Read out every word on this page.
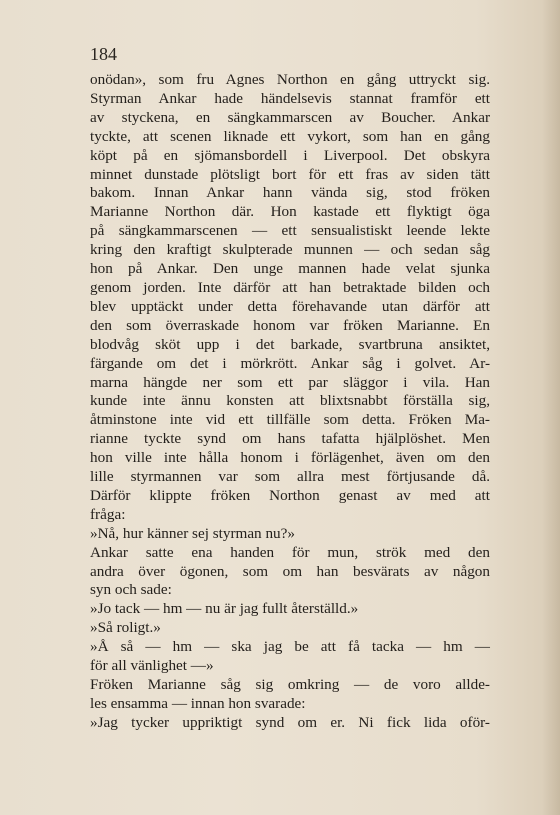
184

onödan», som fru Agnes Northon en gång uttryckt sig.
Styrman Ankar hade händelsevis stannat framför ett
av styckena, en sängkammarscen av Boucher. Ankar
tyckte, att scenen liknade ett vykort, som han en gång
köpt på en sjömansbordell i Liverpool. Det obskyra
minnet dunstade plötsligt bort för ett fras av siden tätt
bakom. Innan Ankar hann vända sig, stod fröken
Marianne Northon där. Hon kastade ett flyktigt öga
på sängkammarscenen — ett sensualistiskt leende lekte
kring den kraftigt skulpterade munnen — och sedan såg
hon på Ankar. Den unge mannen hade velat sjunka
genom jorden. Inte därför att han betraktade bilden och
blev upptäckt under detta förehavande utan därför att
den som överraskade honom var fröken Marianne. En
blodvåg sköt upp i det barkade, svartbruna ansiktet,
färgande om det i mörkrött. Ankar såg i golvet. Ar-
marna hängde ner som ett par släggor i vila. Han
kunde inte ännu konsten att blixtsnabbt förställa sig,
åtminstone inte vid ett tillfälle som detta. Fröken Ma-
rianne tyckte synd om hans tafatta hjälplöshet. Men
hon ville inte hålla honom i förlägenhet, även om den
lille styrmannen var som allra mest förtjusande då.
Därför klippte fröken Northon genast av med att
fråga:
»Nå, hur känner sej styrman nu?»
Ankar satte ena handen för mun, strök med den
andra över ögonen, som om han besvärats av någon
syn och sade:
»Jo tack — hm — nu är jag fullt återställd.»
»Så roligt.»
»Å så — hm — ska jag be att få tacka — hm —
för all vänlighet —»
Fröken Marianne såg sig omkring — de voro allde-
les ensamma — innan hon svarade:
»Jag tycker uppriktigt synd om er. Ni fick lida oför-
